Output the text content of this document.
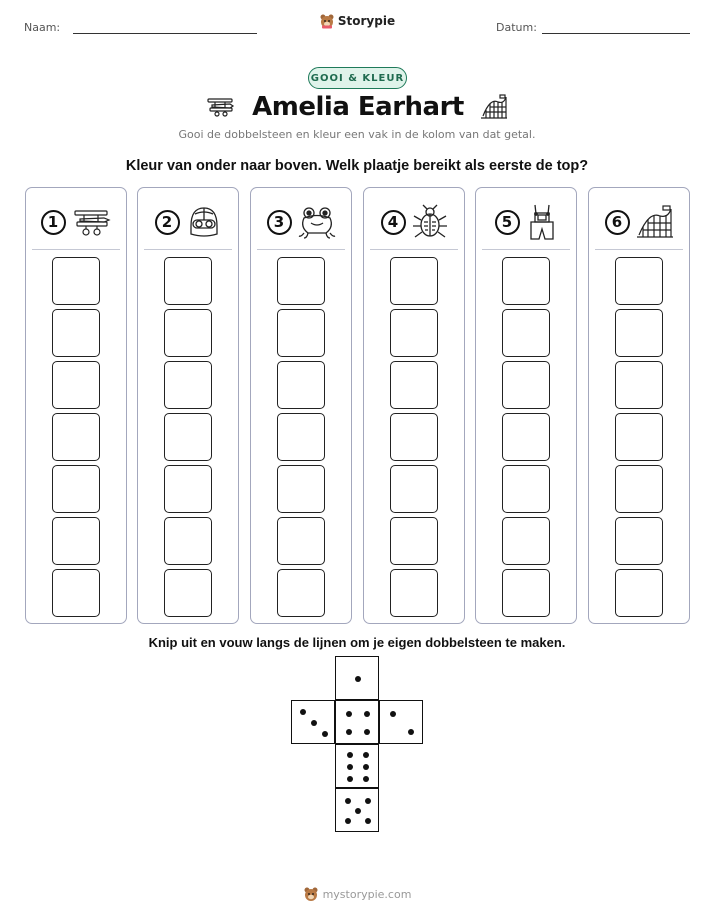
Naam:	Storypie	Datum:
GOOI & KLEUR
Amelia Earhart
Gooi de dobbelsteen en kleur een vak in de kolom van dat getal.
Kleur van onder naar boven. Welk plaatje bereikt als eerste de top?
1	2	3	4	5	6
Knip uit en vouw langs de lijnen om je eigen dobbelsteen te maken.
mystorypie.com
